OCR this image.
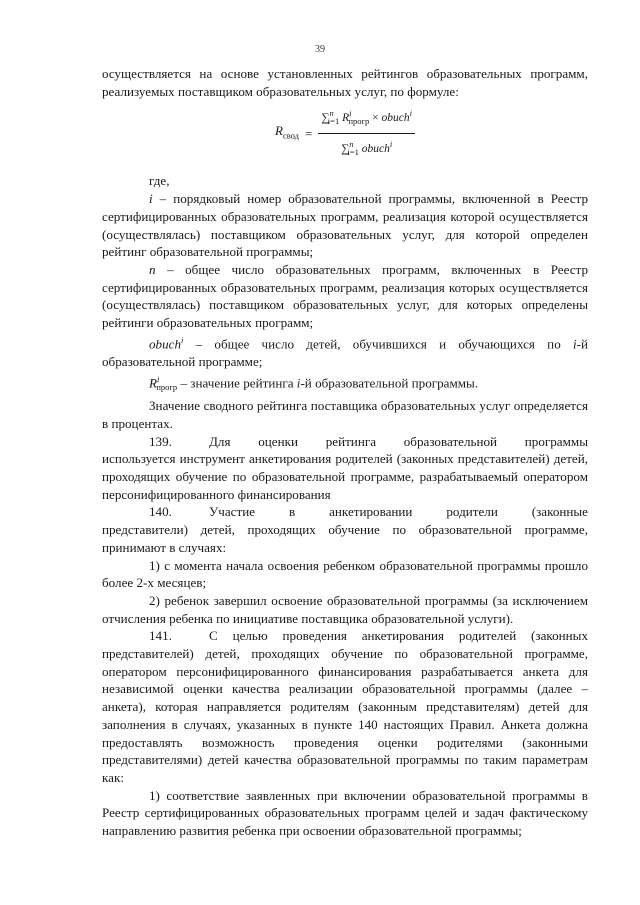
39

осуществляется на основе установленных рейтингов образовательных программ, реализуемых поставщиком образовательных услуг, по формуле:

$R_{свод} = \frac{\sum^n_{i=1} R^i_{прогр} \times obuch^i}{\sum^n_{i=1} obuch^i}$

где,

i – порядковый номер образовательной программы, включенной в Реестр сертифицированных образовательных программ, реализация которой осуществляется (осуществлялась) поставщиком образовательных услуг, для которой определен рейтинг образовательной программы;

n – общее число образовательных программ, включенных в Реестр сертифицированных образовательных программ, реализация которых осуществляется (осуществлялась) поставщиком образовательных услуг, для которых определены рейтинги образовательных программ;

obuch$^i$ – общее число детей, обучившихся и обучающихся по i-й образовательной программе;

$R^i_{прогр}$ – значение рейтинга i-й образовательной программы.

Значение сводного рейтинга поставщика образовательных услуг определяется в процентах.

139.	Для оценки рейтинга образовательной программы

используется инструмент анкетирования родителей (законных представителей) детей, проходящих обучение по образовательной программе, разрабатываемый оператором персонифицированного финансирования

140.	Участие в анкетировании родители (законные

представители) детей, проходящих обучение по образовательной программе, принимают в случаях:

1) с момента начала освоения ребенком образовательной программы прошло более 2-х месяцев;

2) ребенок завершил освоение образовательной программы (за исключением отчисления ребенка по инициативе поставщика образовательной услуги).

141.	С целью проведения анкетирования родителей (законных

представителей) детей, проходящих обучение по образовательной программе, оператором персонифицированного финансирования разрабатывается анкета для независимой оценки качества реализации образовательной программы (далее – анкета), которая направляется родителям (законным представителям) детей для заполнения в случаях, указанных в пункте 140 настоящих Правил. Анкета должна предоставлять возможность проведения оценки родителями (законными представителями) детей качества образовательной программы по таким параметрам как:

1) соответствие заявленных при включении образовательной программы в Реестр сертифицированных образовательных программ целей и задач фактическому направлению развития ребенка при освоении образовательной программы;
